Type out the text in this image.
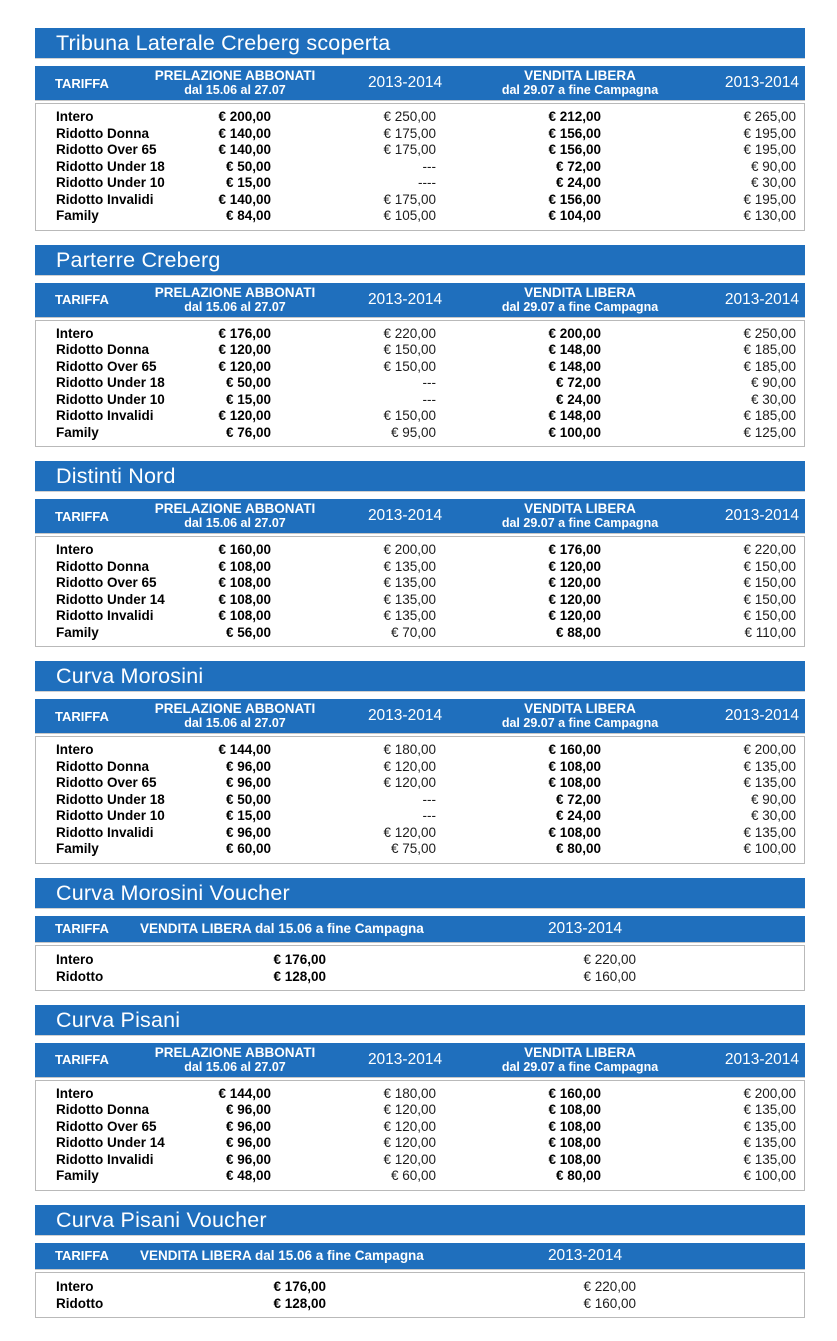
Tribuna Laterale Creberg scoperta
TARIFFA	PRELAZIONE ABBONATI
dal 15.06 al 27.07	2013-2014	VENDITA LIBERA
dal 29.07 a fine Campagna	2013-2014
Intero	€ 200,00	€ 250,00	€ 212,00	€ 265,00
Ridotto Donna	€ 140,00	€ 175,00	€ 156,00	€ 195,00
Ridotto Over 65	€ 140,00	€ 175,00	€ 156,00	€ 195,00
Ridotto Under 18	€ 50,00	---	€ 72,00	€ 90,00
Ridotto Under 10	€ 15,00	----	€ 24,00	€ 30,00
Ridotto Invalidi	€ 140,00	€ 175,00	€ 156,00	€ 195,00
Family	€ 84,00	€ 105,00	€ 104,00	€ 130,00
Parterre Creberg
TARIFFA	PRELAZIONE ABBONATI
dal 15.06 al 27.07	2013-2014	VENDITA LIBERA
dal 29.07 a fine Campagna	2013-2014
Intero	€ 176,00	€ 220,00	€ 200,00	€ 250,00
Ridotto Donna	€ 120,00	€ 150,00	€ 148,00	€ 185,00
Ridotto Over 65	€ 120,00	€ 150,00	€ 148,00	€ 185,00
Ridotto Under 18	€ 50,00	---	€ 72,00	€ 90,00
Ridotto Under 10	€ 15,00	---	€ 24,00	€ 30,00
Ridotto Invalidi	€ 120,00	€ 150,00	€ 148,00	€ 185,00
Family	€ 76,00	€ 95,00	€ 100,00	€ 125,00
Distinti Nord
TARIFFA	PRELAZIONE ABBONATI
dal 15.06 al 27.07	2013-2014	VENDITA LIBERA
dal 29.07 a fine Campagna	2013-2014
Intero	€ 160,00	€ 200,00	€ 176,00	€ 220,00
Ridotto Donna	€ 108,00	€ 135,00	€ 120,00	€ 150,00
Ridotto Over 65	€ 108,00	€ 135,00	€ 120,00	€ 150,00
Ridotto Under 14	€ 108,00	€ 135,00	€ 120,00	€ 150,00
Ridotto Invalidi	€ 108,00	€ 135,00	€ 120,00	€ 150,00
Family	€ 56,00	€ 70,00	€ 88,00	€ 110,00
Curva Morosini
TARIFFA	PRELAZIONE ABBONATI
dal 15.06 al 27.07	2013-2014	VENDITA LIBERA
dal 29.07 a fine Campagna	2013-2014
Intero	€ 144,00	€ 180,00	€ 160,00	€ 200,00
Ridotto Donna	€ 96,00	€ 120,00	€ 108,00	€ 135,00
Ridotto Over 65	€ 96,00	€ 120,00	€ 108,00	€ 135,00
Ridotto Under 18	€ 50,00	---	€ 72,00	€ 90,00
Ridotto Under 10	€ 15,00	---	€ 24,00	€ 30,00
Ridotto Invalidi	€ 96,00	€ 120,00	€ 108,00	€ 135,00
Family	€ 60,00	€ 75,00	€ 80,00	€ 100,00
Curva Morosini Voucher
TARIFFA	VENDITA LIBERA dal 15.06 a fine Campagna	2013-2014
Intero	€ 176,00	€ 220,00
Ridotto	€ 128,00	€ 160,00
Curva Pisani
TARIFFA	PRELAZIONE ABBONATI
dal 15.06 al 27.07	2013-2014	VENDITA LIBERA
dal 29.07 a fine Campagna	2013-2014
Intero	€ 144,00	€ 180,00	€ 160,00	€ 200,00
Ridotto Donna	€ 96,00	€ 120,00	€ 108,00	€ 135,00
Ridotto Over 65	€ 96,00	€ 120,00	€ 108,00	€ 135,00
Ridotto Under 14	€ 96,00	€ 120,00	€ 108,00	€ 135,00
Ridotto Invalidi	€ 96,00	€ 120,00	€ 108,00	€ 135,00
Family	€ 48,00	€ 60,00	€ 80,00	€ 100,00
Curva Pisani Voucher
TARIFFA	VENDITA LIBERA dal 15.06 a fine Campagna	2013-2014
Intero	€ 176,00	€ 220,00
Ridotto	€ 128,00	€ 160,00
